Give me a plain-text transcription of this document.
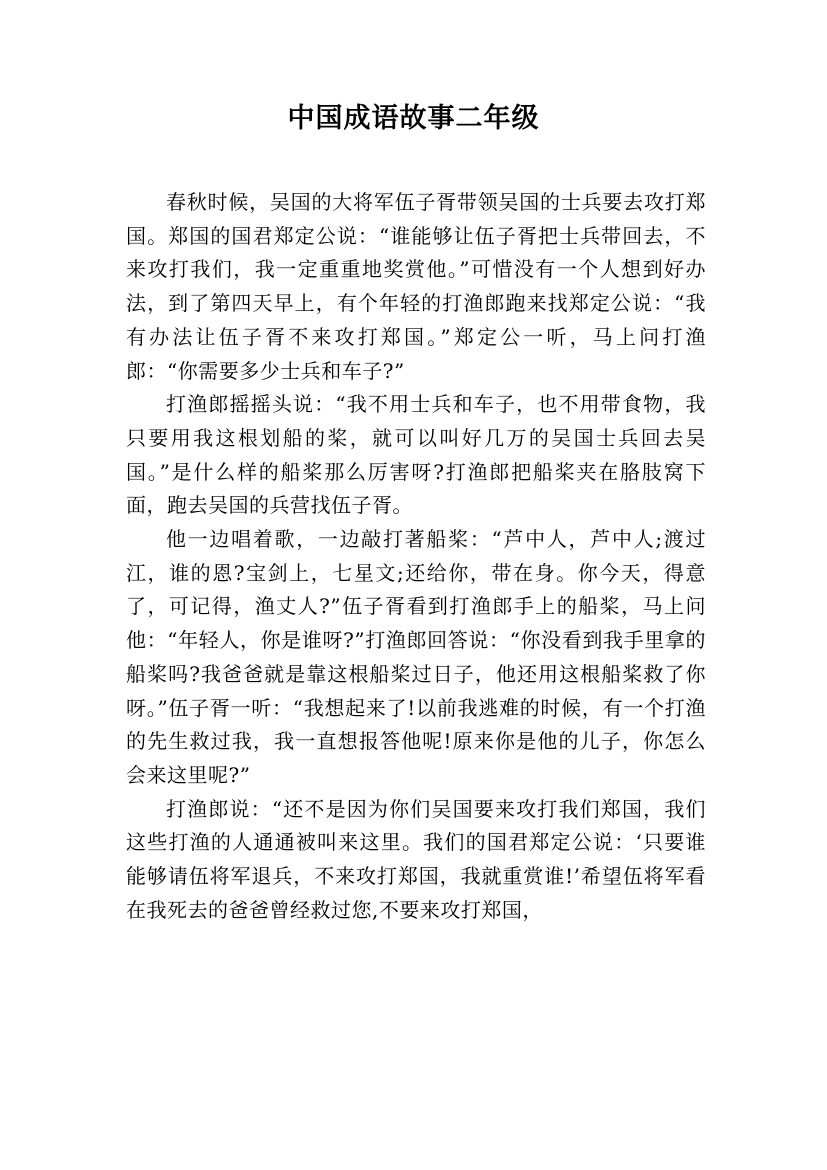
中国成语故事二年级

春秋时候，吴国的大将军伍子胥带领吴国的士兵要去攻打郑国。郑国的国君郑定公说：“谁能够让伍子胥把士兵带回去，不来攻打我们，我一定重重地奖赏他。”可惜没有一个人想到好办法，到了第四天早上，有个年轻的打渔郎跑来找郑定公说：“我有办法让伍子胥不来攻打郑国。”郑定公一听，马上问打渔郎：“你需要多少士兵和车子?”

打渔郎摇摇头说：“我不用士兵和车子，也不用带食物，我只要用我这根划船的桨，就可以叫好几万的吴国士兵回去吴国。”是什么样的船桨那么厉害呀?打渔郎把船桨夹在胳肢窝下面，跑去吴国的兵营找伍子胥。

他一边唱着歌，一边敲打著船桨：“芦中人，芦中人;渡过江，谁的恩?宝剑上，七星文;还给你，带在身。你今天，得意了，可记得，渔丈人?”伍子胥看到打渔郎手上的船桨，马上问他：“年轻人，你是谁呀?”打渔郎回答说：“你没看到我手里拿的船桨吗?我爸爸就是靠这根船桨过日子，他还用这根船桨救了你呀。”伍子胥一听：“我想起来了!以前我逃难的时候，有一个打渔的先生救过我，我一直想报答他呢!原来你是他的儿子，你怎么会来这里呢?”

打渔郎说：“还不是因为你们吴国要来攻打我们郑国，我们这些打渔的人通通被叫来这里。我们的国君郑定公说：‘只要谁能够请伍将军退兵，不来攻打郑国，我就重赏谁!’希望伍将军看在我死去的爸爸曾经救过您,不要来攻打郑国，
